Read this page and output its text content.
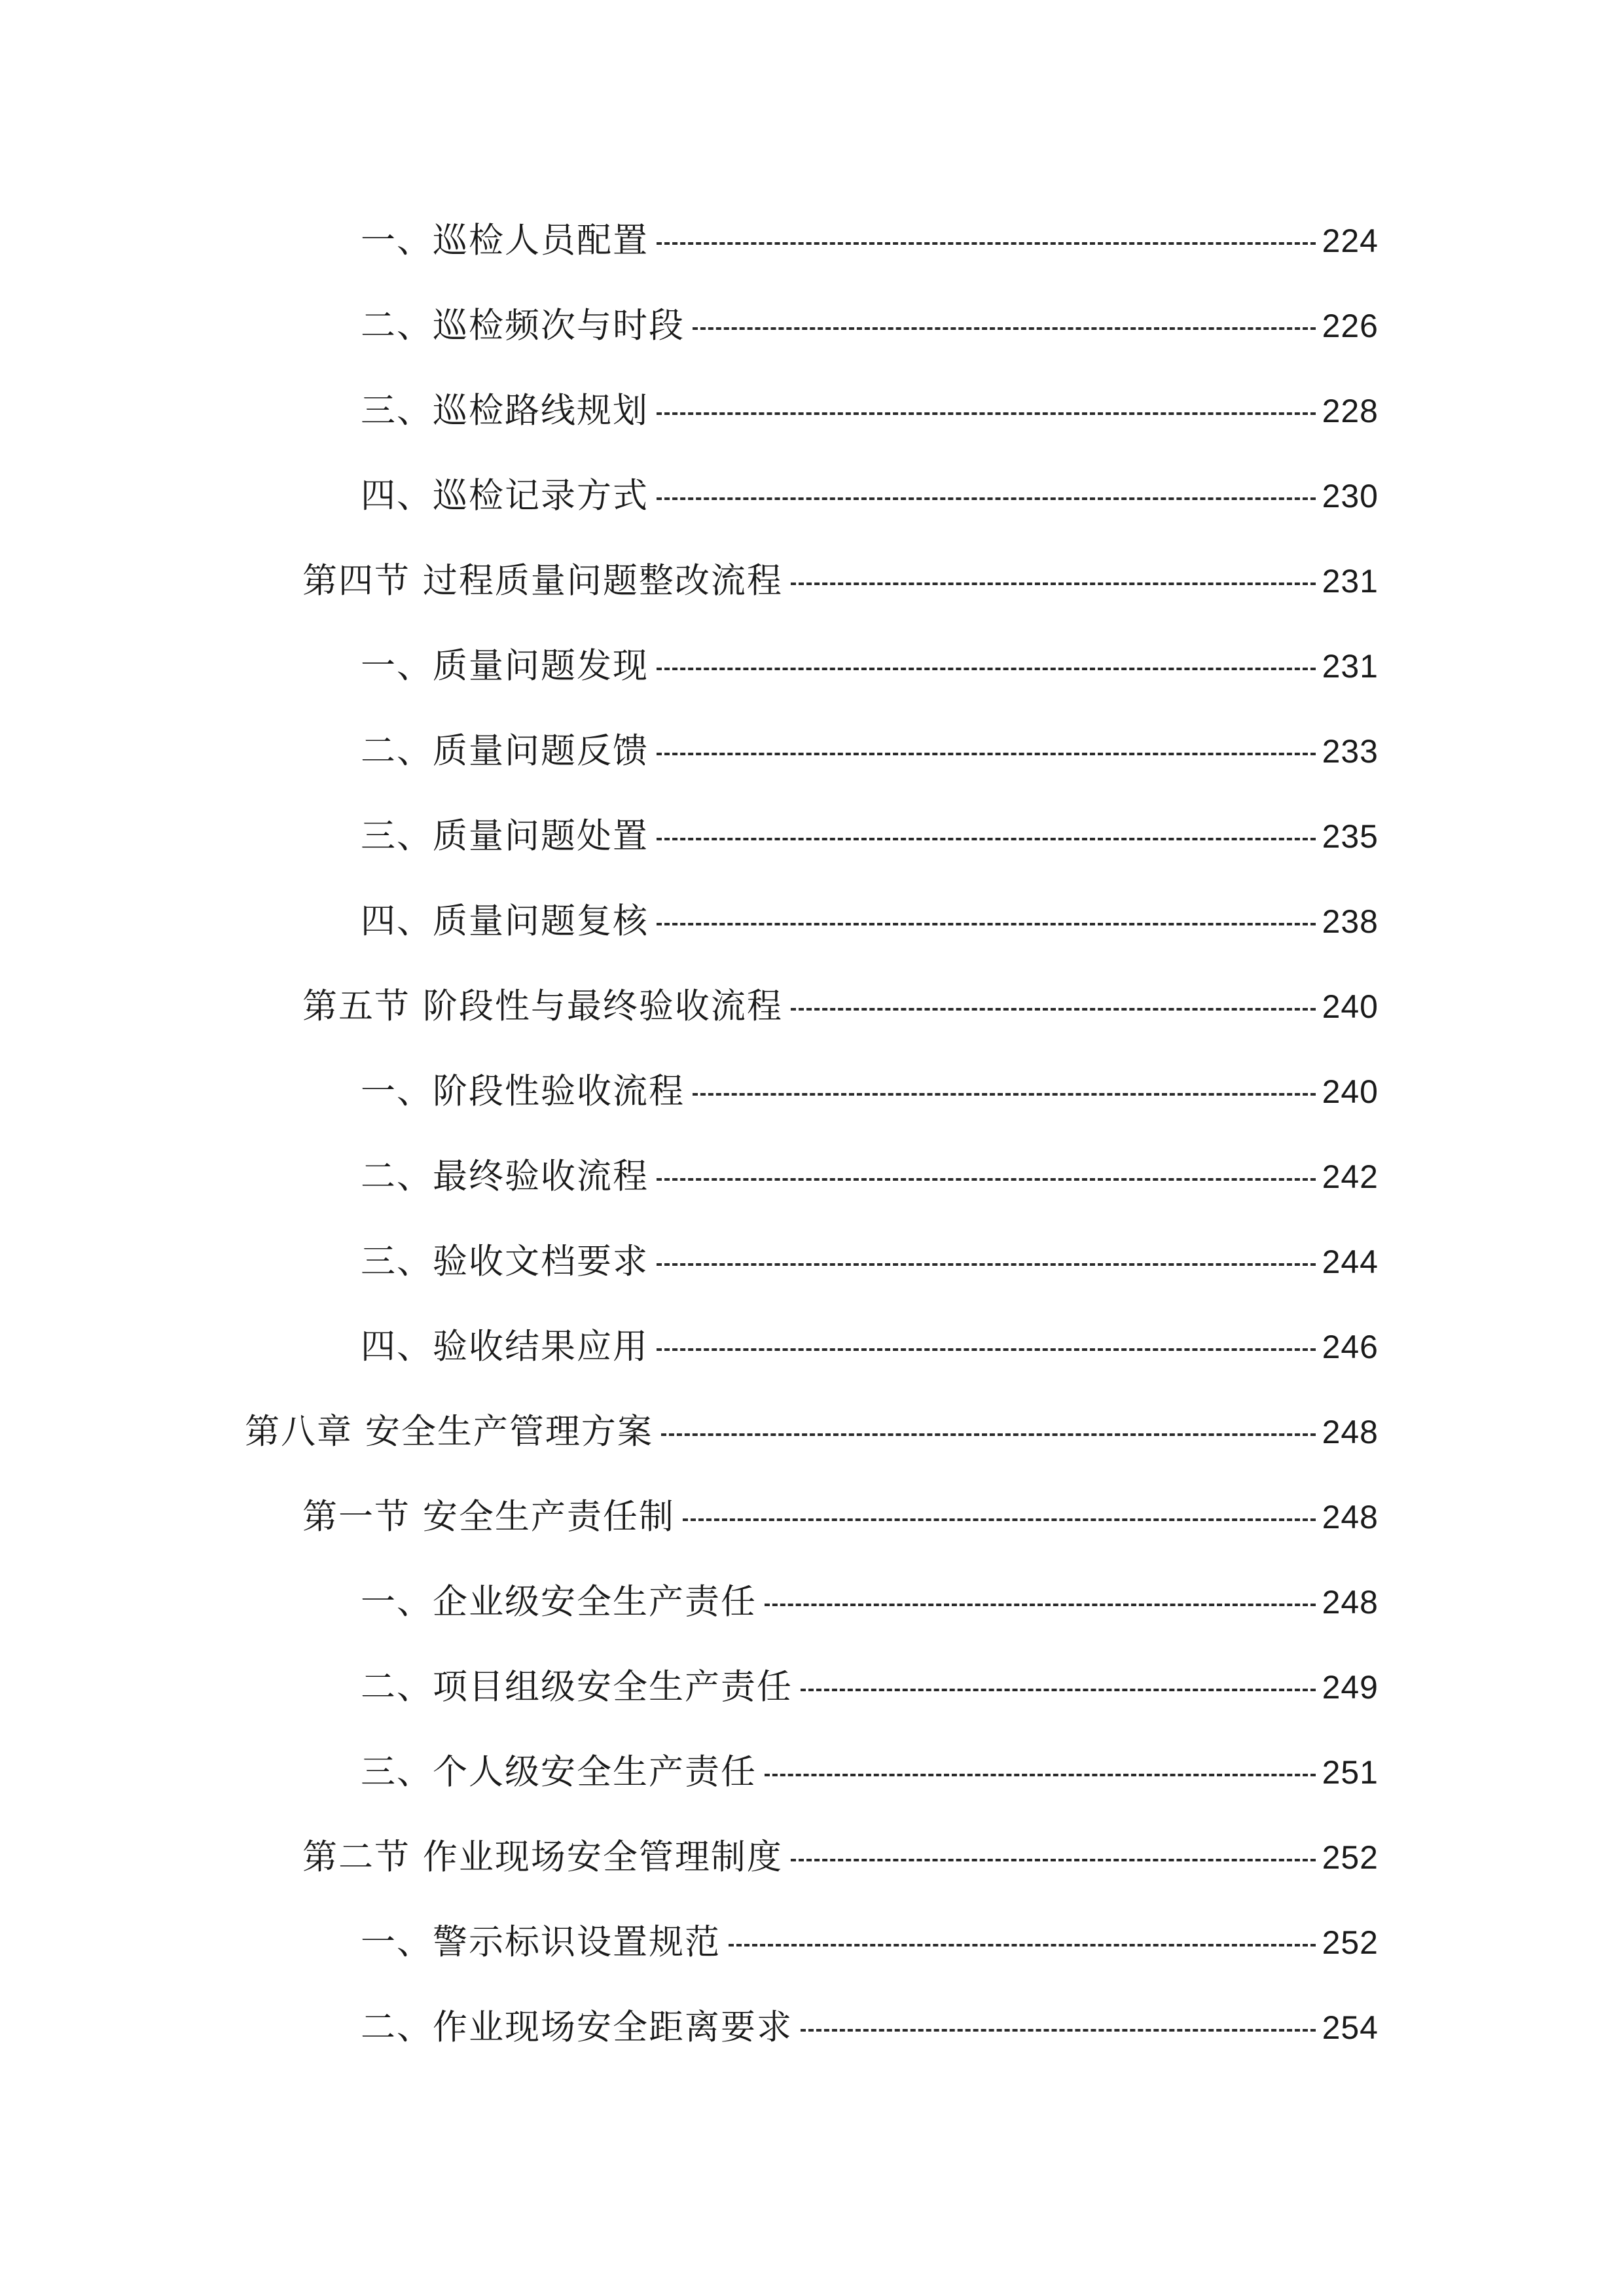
一、巡检人员配置	224
二、巡检频次与时段	226
三、巡检路线规划	228
四、巡检记录方式	230
第四节 过程质量问题整改流程	231
一、质量问题发现	231
二、质量问题反馈	233
三、质量问题处置	235
四、质量问题复核	238
第五节 阶段性与最终验收流程	240
一、阶段性验收流程	240
二、最终验收流程	242
三、验收文档要求	244
四、验收结果应用	246
第八章 安全生产管理方案	248
第一节 安全生产责任制	248
一、企业级安全生产责任	248
二、项目组级安全生产责任	249
三、个人级安全生产责任	251
第二节 作业现场安全管理制度	252
一、警示标识设置规范	252
二、作业现场安全距离要求	254
